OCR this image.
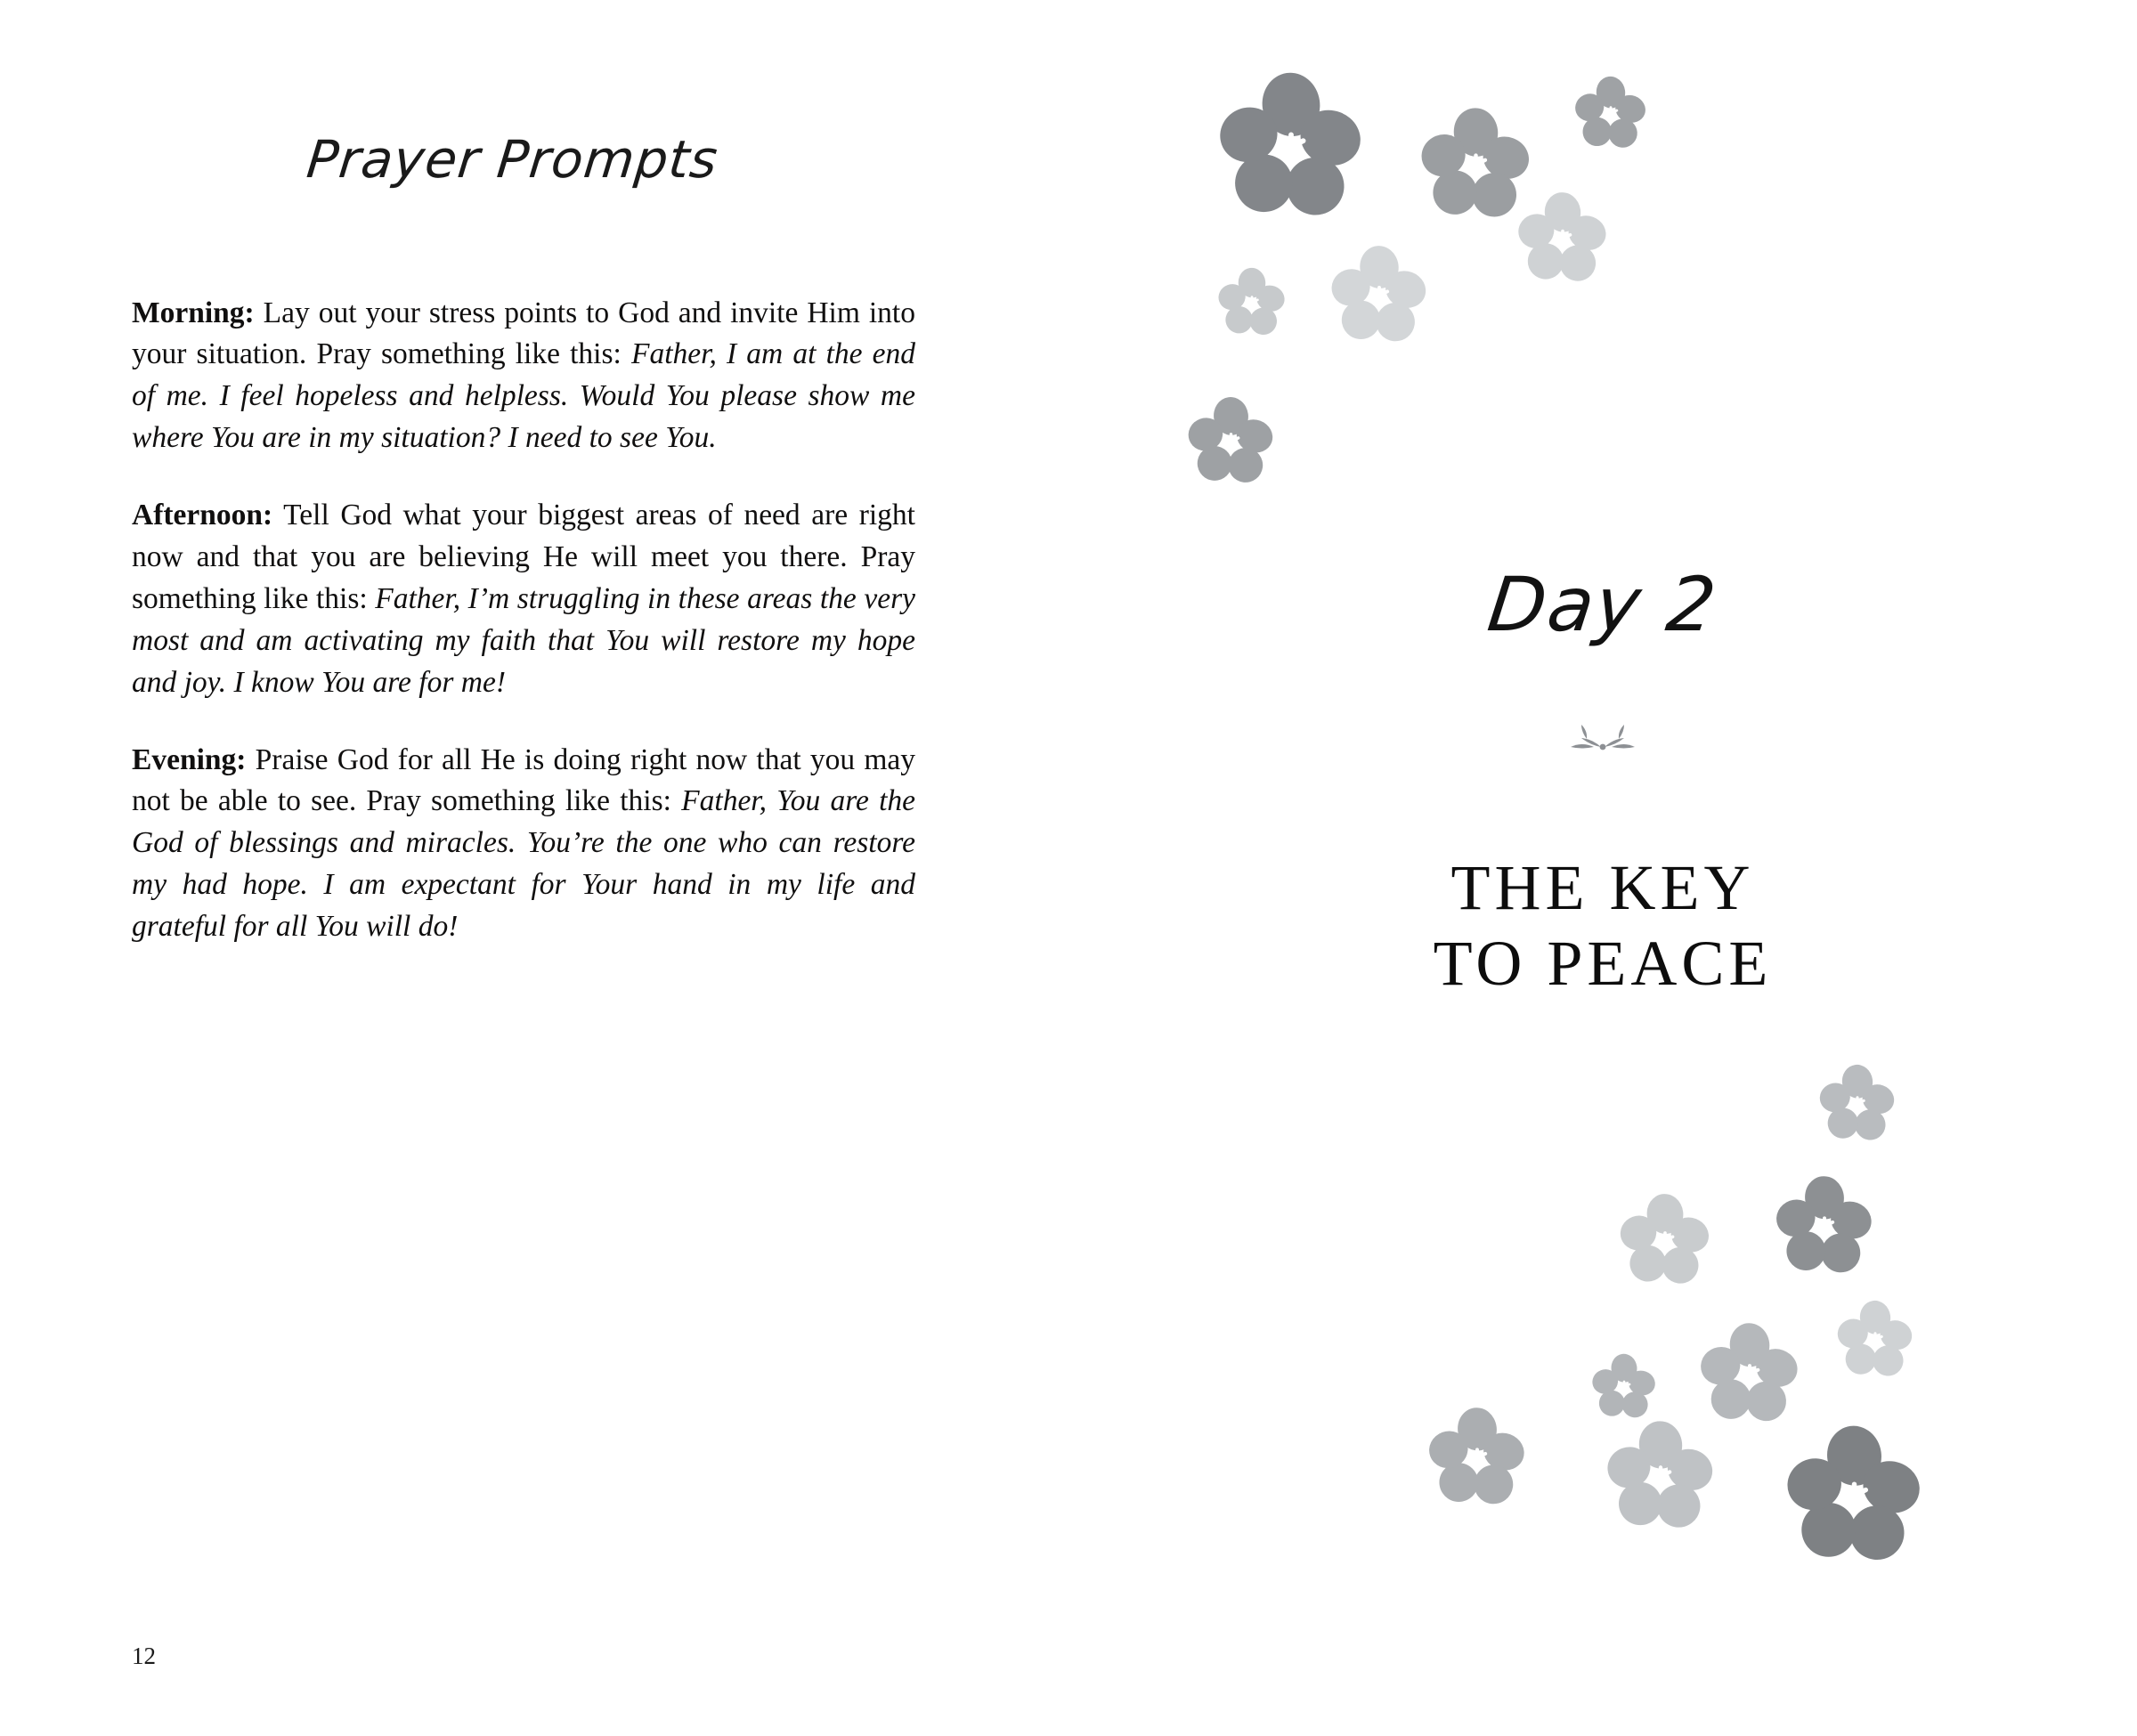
Prayer Prompts

Morning: Lay out your stress points to God and invite Him into your situation. Pray something like this: Father, I am at the end of me. I feel hopeless and helpless. Would You please show me where You are in my situation? I need to see You.

Afternoon: Tell God what your biggest areas of need are right now and that you are believing He will meet you there. Pray something like this: Father, I’m struggling in these areas the very most and am activating my faith that You will restore my hope and joy. I know You are for me!

Evening: Praise God for all He is doing right now that you may not be able to see. Pray something like this: Father, You are the God of blessings and miracles. You’re the one who can restore my had hope. I am expectant for Your hand in my life and grateful for all You will do!

12
Day 2
THE KEY
TO PEACE
